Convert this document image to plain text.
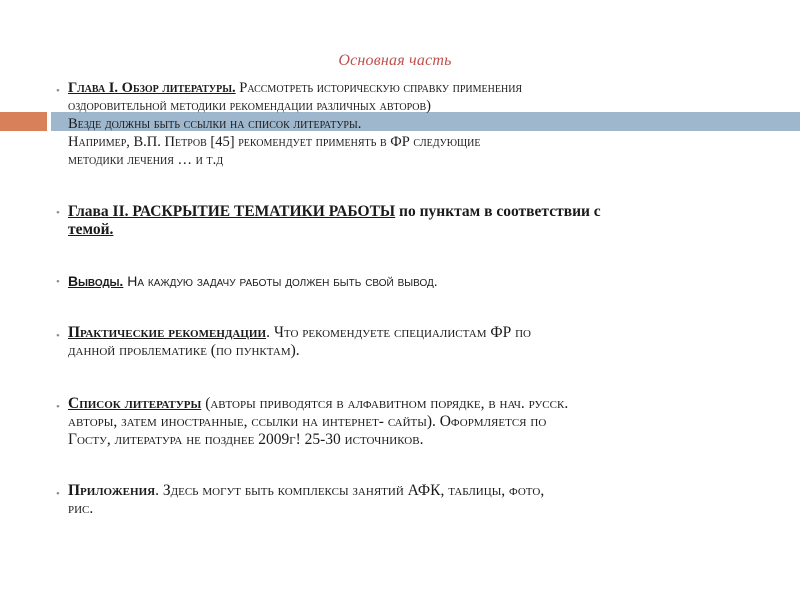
Основная часть
• Глава I. Обзор литературы. Рассмотреть историческую справку применения
оздоровительной методики рекомендации различных авторов)
Везде должны быть ссылки на список литературы.
Например, В.П. Петров [45] рекомендует применять в ФР следующие
методики лечения … и т.д
• Глава II. РАСКРЫТИЕ ТЕМАТИКИ РАБОТЫ по пунктам в соответствии с
темой.
• Выводы. На каждую задачу работы должен быть свой вывод.
• Практические рекомендации. Что рекомендуете специалистам ФР по
данной проблематике (по пунктам).
• Список литературы (авторы приводятся в алфавитном порядке, в нач. русск.
авторы, затем иностранные, ссылки на интернет- сайты). Оформляется по
Госту, литература не позднее 2009г! 25-30 источников.
• Приложения. Здесь могут быть комплексы занятий АФК, таблицы, фото,
рис.
